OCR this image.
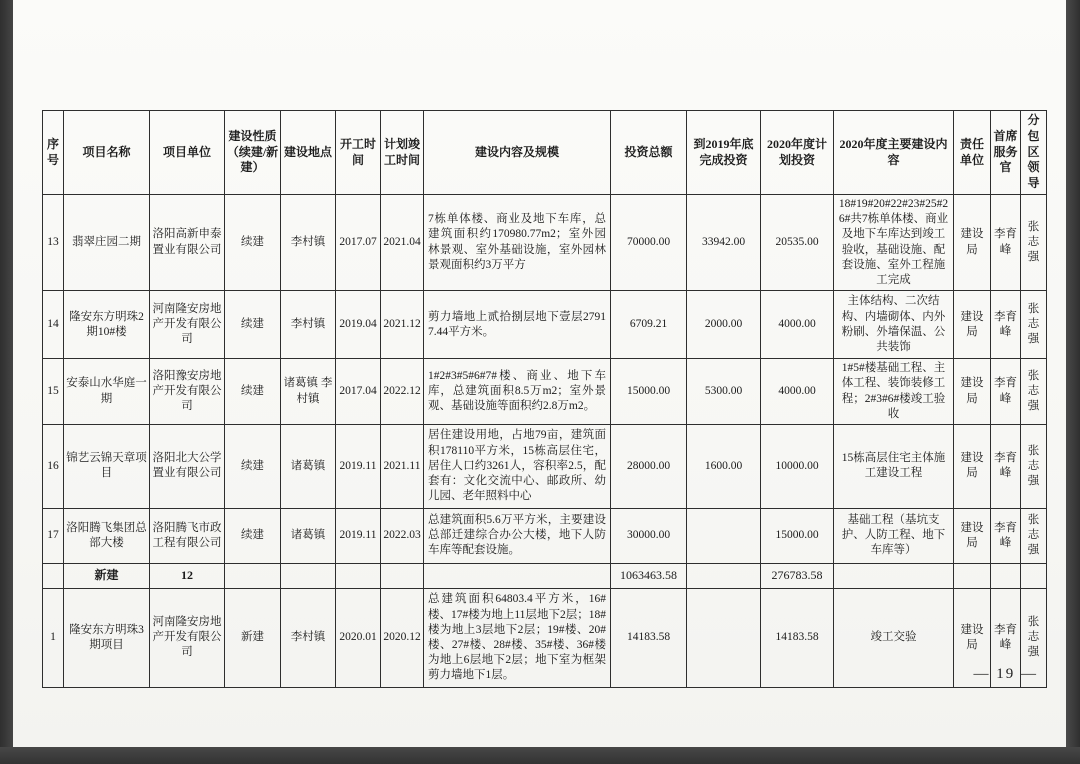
序号	项目名称	项目单位	建设性质（续建/新建）	建设地点	开工时间	计划竣工时间	建设内容及规模	投资总额	到2019年底完成投资	2020年度计划投资	2020年度主要建设内容	责任单位	首席服务官	分包区领导
13	翡翠庄园二期	洛阳高新申泰置业有限公司	续建	李村镇	2017.07	2021.04	7栋单体楼、商业及地下车库，总建筑面积约170980.77m2；室外园林景观、室外基础设施，室外园林景观面积约3万平方	70000.00	33942.00	20535.00	18#19#20#22#23#25#26#共7栋单体楼、商业及地下车库达到竣工验收，基础设施、配套设施、室外工程施工完成	建设局	李育峰	张志强
14	隆安东方明珠2期10#楼	河南隆安房地产开发有限公司	续建	李村镇	2019.04	2021.12	剪力墙地上贰拾捌层地下壹层27917.44平方米。	6709.21	2000.00	4000.00	主体结构、二次结构、内墙砌体、内外粉刷、外墙保温、公共装饰	建设局	李育峰	张志强
15	安泰山水华庭一期	洛阳豫安房地产开发有限公司	续建	诸葛镇 李村镇	2017.04	2022.12	1#2#3#5#6#7#楼、商业、地下车库，总建筑面积8.5万m2；室外景观、基础设施等面积约2.8万m2。	15000.00	5300.00	4000.00	1#5#楼基础工程、主体工程、装饰装修工程；2#3#6#楼竣工验收	建设局	李育峰	张志强
16	锦艺云锦天章项目	洛阳北大公学置业有限公司	续建	诸葛镇	2019.11	2021.11	居住建设用地，占地79亩，建筑面积178110平方米，15栋高层住宅，居住人口约3261人，容积率2.5，配套有：文化交流中心、邮政所、幼儿园、老年照料中心	28000.00	1600.00	10000.00	15栋高层住宅主体施工建设工程	建设局	李育峰	张志强
17	洛阳腾飞集团总部大楼	洛阳腾飞市政工程有限公司	续建	诸葛镇	2019.11	2022.03	总建筑面积5.6万平方米，主要建设总部迁建综合办公大楼，地下人防车库等配套设施。	30000.00		15000.00	基础工程（基坑支护、人防工程、地下车库等）	建设局	李育峰	张志强
	新建	12						1063463.58		276783.58				
1	隆安东方明珠3期项目	河南隆安房地产开发有限公司	新建	李村镇	2020.01	2020.12	总建筑面积64803.4平方米，16#楼、17#楼为地上11层地下2层；18#楼为地上3层地下2层；19#楼、20#楼、27#楼、28#楼、35#楼、36#楼为地上6层地下2层；地下室为框架剪力墙地下1层。	14183.58		14183.58	竣工交验	建设局	李育峰	张志强
— 19 —
